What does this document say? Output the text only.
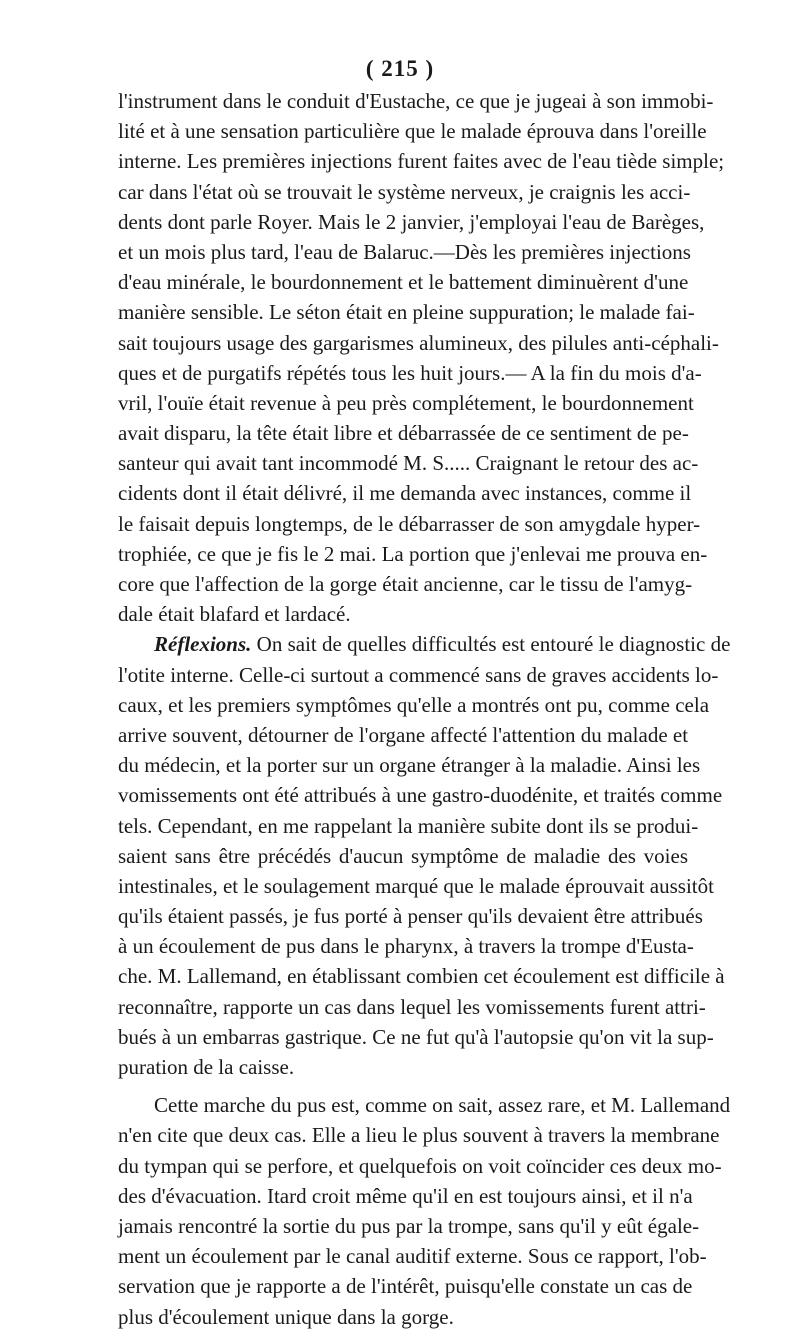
( 215 )
l'instrument dans le conduit d'Eustache, ce que je jugeai à son immobi-
lité et à une sensation particulière que le malade éprouva dans l'oreille
interne. Les premières injections furent faites avec de l'eau tiède simple;
car dans l'état où se trouvait le système nerveux, je craignis les acci-
dents dont parle Royer. Mais le 2 janvier, j'employai l'eau de Barèges,
et un mois plus tard, l'eau de Balaruc.—Dès les premières injections
d'eau minérale, le bourdonnement et le battement diminuèrent d'une
manière sensible. Le séton était en pleine suppuration; le malade fai-
sait toujours usage des gargarismes alumineux, des pilules anti-céphali-
ques et de purgatifs répétés tous les huit jours.— A la fin du mois d'a-
vril, l'ouïe était revenue à peu près complétement, le bourdonnement
avait disparu, la tête était libre et débarrassée de ce sentiment de pe-
santeur qui avait tant incommodé M. S..... Craignant le retour des ac-
cidents dont il était délivré, il me demanda avec instances, comme il
le faisait depuis longtemps, de le débarrasser de son amygdale hyper-
trophiée, ce que je fis le 2 mai. La portion que j'enlevai me prouva en-
core que l'affection de la gorge était ancienne, car le tissu de l'amyg-
dale était blafard et lardacé.
Réflexions. On sait de quelles difficultés est entouré le diagnostic de
l'otite interne. Celle-ci surtout a commencé sans de graves accidents lo-
caux, et les premiers symptômes qu'elle a montrés ont pu, comme cela
arrive souvent, détourner de l'organe affecté l'attention du malade et
du médecin, et la porter sur un organe étranger à la maladie. Ainsi les
vomissements ont été attribués à une gastro-duodénite, et traités comme
tels. Cependant, en me rappelant la manière subite dont ils se produi-
saient sans être précédés d'aucun symptôme de maladie des voies
intestinales, et le soulagement marqué que le malade éprouvait aussitôt
qu'ils étaient passés, je fus porté à penser qu'ils devaient être attribués
à un écoulement de pus dans le pharynx, à travers la trompe d'Eusta-
che. M. Lallemand, en établissant combien cet écoulement est difficile à
reconnaître, rapporte un cas dans lequel les vomissements furent attri-
bués à un embarras gastrique. Ce ne fut qu'à l'autopsie qu'on vit la sup-
puration de la caisse.
Cette marche du pus est, comme on sait, assez rare, et M. Lallemand
n'en cite que deux cas. Elle a lieu le plus souvent à travers la membrane
du tympan qui se perfore, et quelquefois on voit coïncider ces deux mo-
des d'évacuation. Itard croit même qu'il en est toujours ainsi, et il n'a
jamais rencontré la sortie du pus par la trompe, sans qu'il y eût égale-
ment un écoulement par le canal auditif externe. Sous ce rapport, l'ob-
servation que je rapporte a de l'intérêt, puisqu'elle constate un cas de
plus d'écoulement unique dans la gorge.
